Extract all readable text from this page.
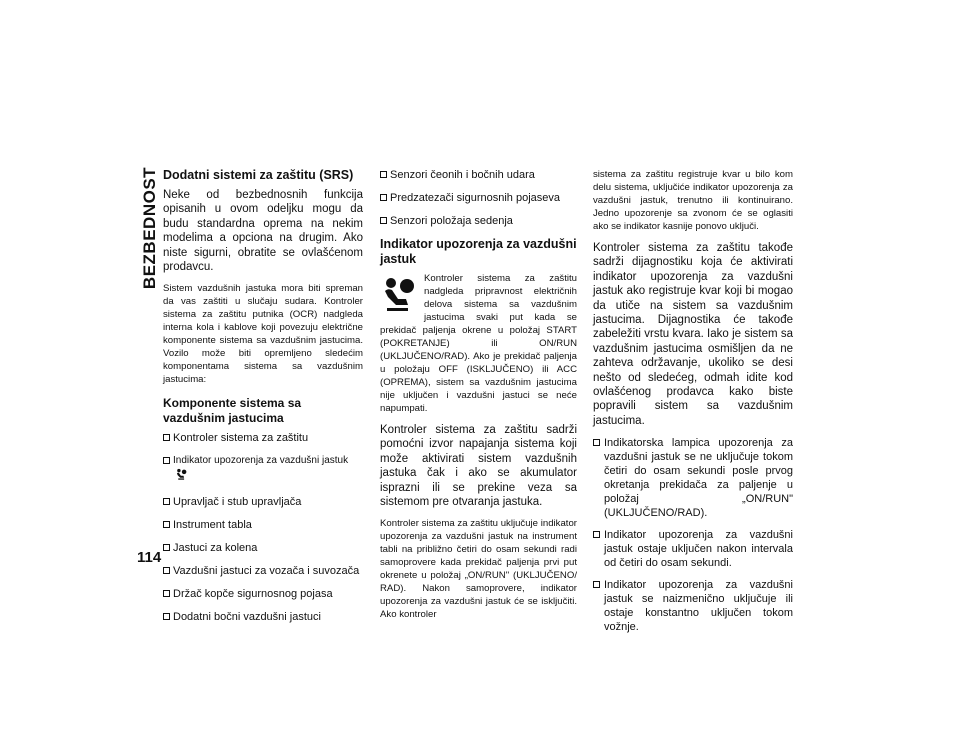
BEZBEDNOST Dodatni sistemi za zaštitu (SRS)

Neke od bezbednosnih funkcija opisanih u ovom odeljku mogu da budu standardna oprema na nekim modelima a opciona na drugim. Ako niste sigurni, obratite se ovlašćenom prodavcu.

Sistem vazdušnih jastuka mora biti spreman da vas zaštiti u slučaju sudara. Kontroler sistema za zaštitu putnika (OCR) nadgleda interna kola i kablove koji povezuju električne komponente sistema sa vazdušnim jastucima. Vozilo može biti opremljeno sledećim komponentama sistema sa vazdušnim jastucima:

Komponente sistema sa vazdušnim jastucima
Kontroler sistema za zaštitu
Indikator upozorenja za vazdušni jastuk
Upravljač i stub upravljača
Instrument tabla
Jastuci za kolena
Vazdušni jastuci za vozača i suvozača
Držač kopče sigurnosnog pojasa
Dodatni bočni vazdušni jastuci
Senzori čeonih i bočnih udara
Predzatezači sigurnosnih pojaseva
Senzori položaja sedenja
Indikator upozorenja za vazdušni jastuk
Kontroler sistema za zaštitu nadgleda pripravnost električnih delova sistema sa vazdušnim jastucima svaki put kada se prekidač paljenja okrene u položaj START (POKRETANJE) ili ON/RUN (UKLJUČENO/RAD). Ako je prekidač paljenja u položaju OFF (ISKLJUČENO) ili ACC (OPREMA), sistem sa vazdušnim jastucima nije uključen i vazdušni jastuci se neće napumpati.

Kontroler sistema za zaštitu sadrži pomoćni izvor napajanja sistema koji može aktivirati sistem vazdušnih jastuka čak i ako se akumulator isprazni ili se prekine veza sa sistemom pre otvaranja jastuka.

Kontroler sistema za zaštitu uključuje indikator upozorenja za vazdušni jastuk na instrument tabli na približno četiri do osam sekundi radi samoprovere kada prekidač paljenja prvi put okrenete u položaj „ON/RUN" (UKLJUČENO/ RAD). Nakon samoprovere, indikator upozorenja za vazdušni jastuk će se isključiti. Ako kontroler

sistema za zaštitu registruje kvar u bilo kom delu sistema, uključiće indikator upozorenja za vazdušni jastuk, trenutno ili kontinuirano. Jedno upozorenje sa zvonom će se oglasiti ako se indikator kasnije ponovo uključi.

Kontroler sistema za zaštitu takođe sadrži dijagnostiku koja će aktivirati indikator upozorenja za vazdušni jastuk ako registruje kvar koji bi mogao da utiče na sistem sa vazdušnim jastucima. Dijagnostika će takođe zabeležiti vrstu kvara. Iako je sistem sa vazdušnim jastucima osmišljen da ne zahteva održavanje, ukoliko se desi nešto od sledećeg, odmah idite kod ovlašćenog prodavca kako biste popravili sistem sa vazdušnim jastucima.

Indikatorska lampica upozorenja za vazdušni jastuk se ne uključuje tokom četiri do osam sekundi posle prvog okretanja prekidača za paljenje u položaj „ON/RUN" (UKLJUČENO/RAD).
Indikator upozorenja za vazdušni jastuk ostaje uključen nakon intervala od četiri do osam sekundi.
Indikator upozorenja za vazdušni jastuk se naizmenično uključuje ili ostaje konstantno uključen tokom vožnje.
114
